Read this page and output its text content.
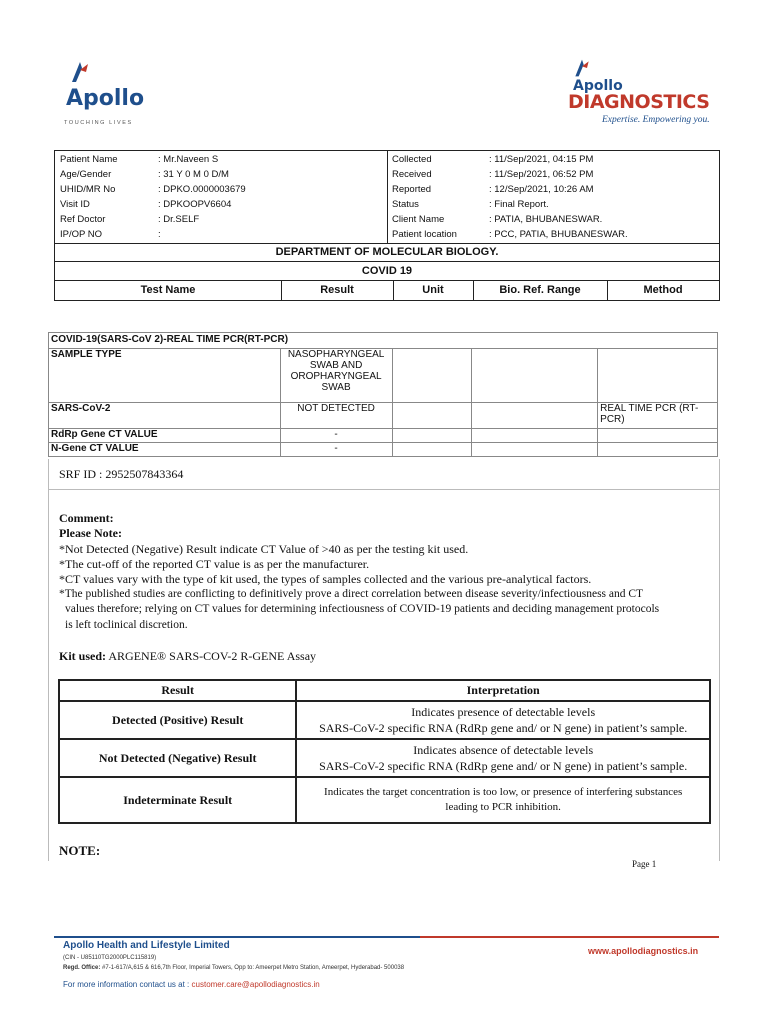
Apollo
TOUCHING LIVES
Apollo
DIAGNOSTICS
Expertise. Empowering you.
Patient Name	: Mr.Naveen S
Age/Gender	: 31 Y 0 M 0 D/M
UHID/MR No	: DPKO.0000003679
Visit ID	: DPKOOPV6604
Ref Doctor	: Dr.SELF
IP/OP NO	:
Collected	: 11/Sep/2021, 04:15 PM
Received	: 11/Sep/2021, 06:52 PM
Reported	: 12/Sep/2021, 10:26 AM
Status	: Final Report.
Client Name	: PATIA, BHUBANESWAR.
Patient location	: PCC, PATIA, BHUBANESWAR.
DEPARTMENT OF MOLECULAR BIOLOGY.
COVID 19
Test Name	Result	Unit	Bio. Ref. Range	Method
COVID-19(SARS-CoV 2)-REAL TIME PCR(RT-PCR)				
SAMPLE TYPE	NASOPHARYNGEAL SWAB AND OROPHARYNGEAL SWAB			
SARS-CoV-2	NOT DETECTED			REAL TIME PCR (RT-PCR)
RdRp Gene CT VALUE	-			
N-Gene CT VALUE	-			
SRF ID : 2952507843364
Comment:
Please Note:
*Not Detected (Negative) Result indicate CT Value of >40 as per the testing kit used.
*The cut-off of the reported CT value is as per the manufacturer.
*CT values vary with the type of kit used, the types of samples collected and the various pre-analytical factors.
*The published studies are conflicting to definitively prove a direct correlation between disease severity/infectiousness and CT
values therefore; relying on CT values for determining infectiousness of COVID-19 patients and deciding management protocols
is left toclinical discretion.
Kit used: ARGENE® SARS-COV-2 R-GENE Assay
Result	Interpretation
Detected (Positive) Result	Indicates presence of detectable levels
SARS-CoV-2 specific RNA (RdRp gene and/ or N gene) in patient’s sample.

Not Detected (Negative) Result	Indicates absence of detectable levels
SARS-CoV-2 specific RNA (RdRp gene and/ or N gene) in patient’s sample.

Indeterminate Result	Indicates the target concentration is too low, or presence of interfering substances
leading to PCR inhibition.
NOTE:
Page 1
Apollo Health and Lifestyle Limited	www.apollodiagnostics.in
(CIN - U85110TG2000PLC115819)
Regd. Office: #7-1-617/A,615 & 616,7th Floor, Imperial Towers, Opp to: Ameerpet Metro Station, Ameerpet, Hyderabad- 500038
For more information contact us at : customer.care@apollodiagnostics.in
